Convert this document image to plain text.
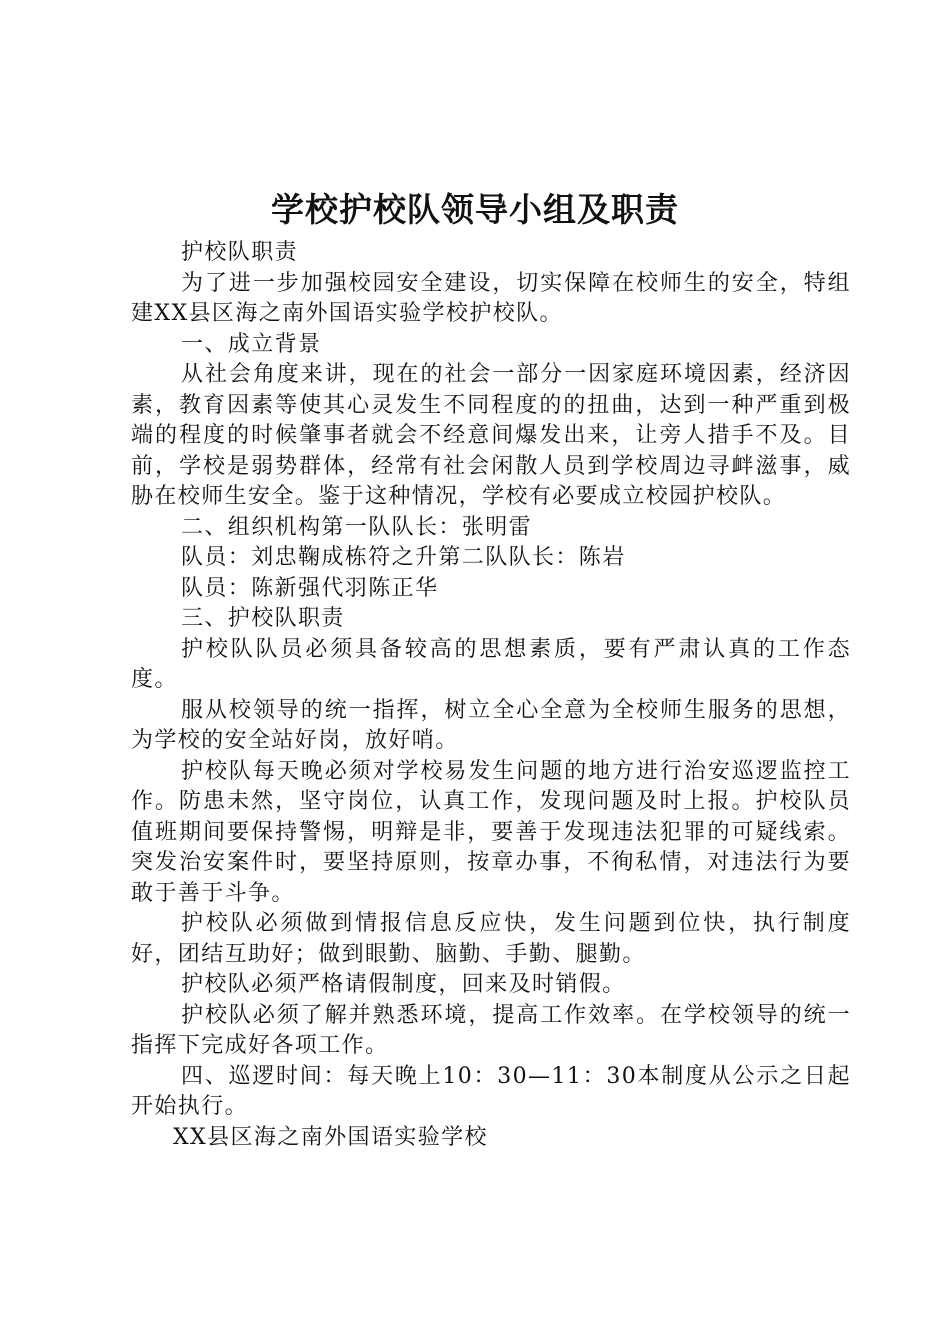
学校护校队领导小组及职责

护校队职责

为了进一步加强校园安全建设，切实保障在校师生的安全，特组建XX县区海之南外国语实验学校护校队。

一、成立背景

从社会角度来讲，现在的社会一部分一因家庭环境因素，经济因素，教育因素等使其心灵发生不同程度的的扭曲，达到一种严重到极端的程度的时候肇事者就会不经意间爆发出来，让旁人措手不及。目前，学校是弱势群体，经常有社会闲散人员到学校周边寻衅滋事，威胁在校师生安全。鉴于这种情况，学校有必要成立校园护校队。

二、组织机构第一队队长：张明雷

队员：刘忠鞠成栋符之升第二队队长：陈岩

队员：陈新强代羽陈正华

三、护校队职责

护校队队员必须具备较高的思想素质，要有严肃认真的工作态度。

服从校领导的统一指挥，树立全心全意为全校师生服务的思想，为学校的安全站好岗，放好哨。

护校队每天晚必须对学校易发生问题的地方进行治安巡逻监控工作。防患未然，坚守岗位，认真工作，发现问题及时上报。护校队员值班期间要保持警惕，明辩是非，要善于发现违法犯罪的可疑线索。突发治安案件时，要坚持原则，按章办事，不徇私情，对违法行为要敢于善于斗争。

护校队必须做到情报信息反应快，发生问题到位快，执行制度好，团结互助好；做到眼勤、脑勤、手勤、腿勤。

护校队必须严格请假制度，回来及时销假。

护校队必须了解并熟悉环境，提高工作效率。在学校领导的统一指挥下完成好各项工作。

四、巡逻时间：每天晚上10：30—11：30本制度从公示之日起开始执行。

XX县区海之南外国语实验学校
